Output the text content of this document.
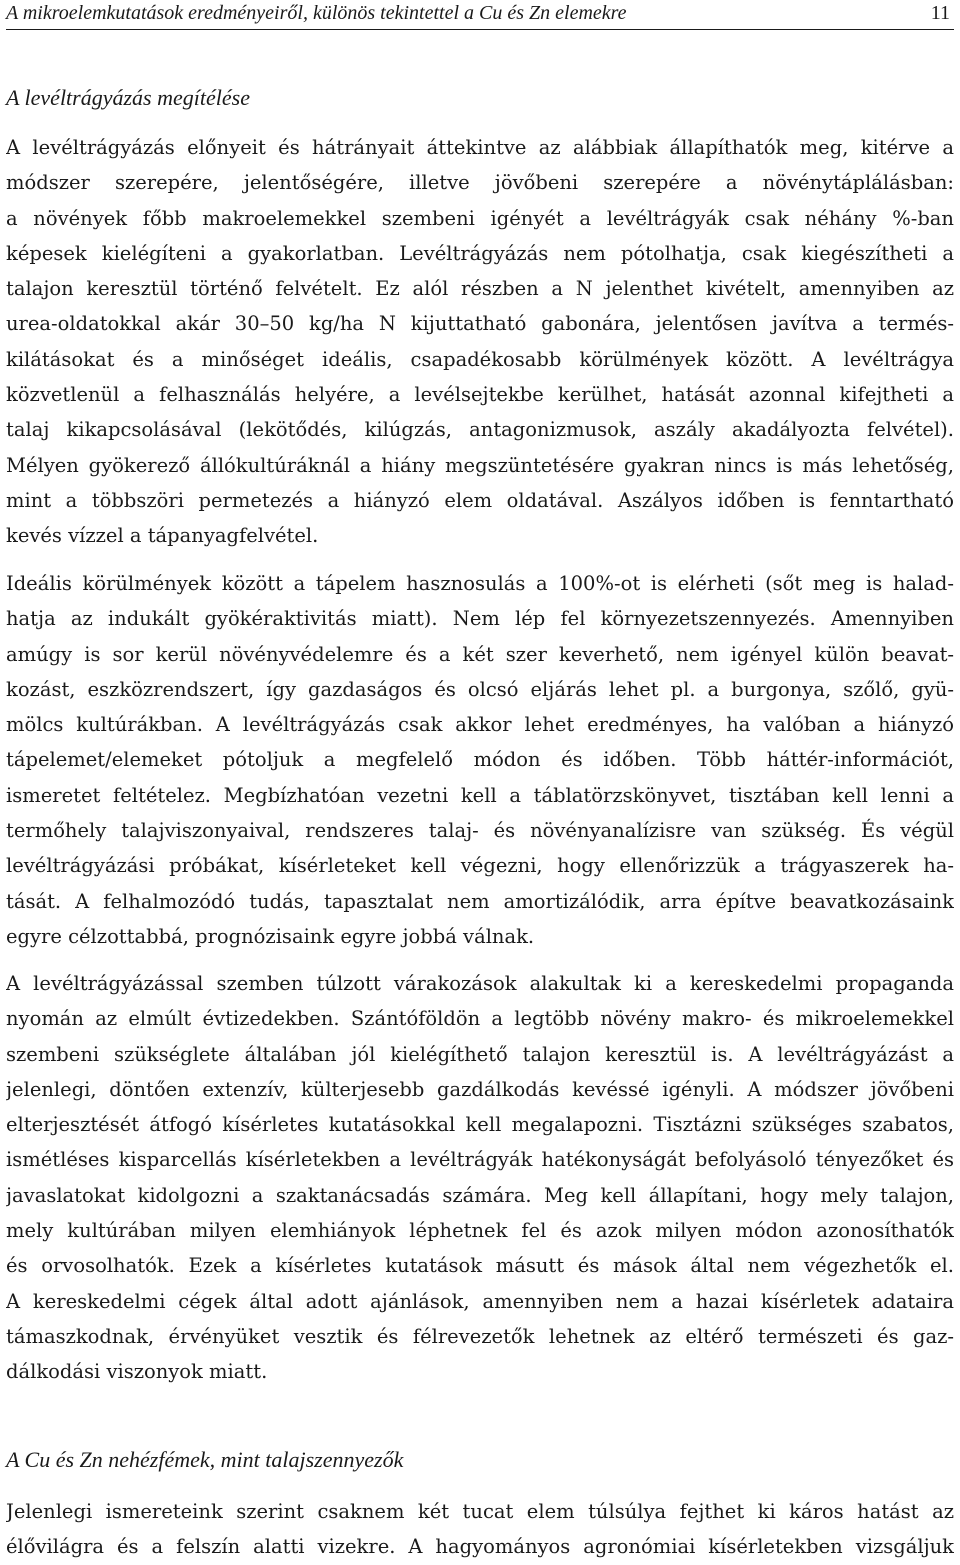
A mikroelemkutatások eredményeiről, különös tekintettel a Cu és Zn elemekre	11
A levéltrágyázás megítélése
A levéltrágyázás előnyeit és hátrányait áttekintve az alábbiak állapíthatók meg, kitérve a
módszer szerepére, jelentőségére, illetve jövőbeni szerepére a növénytáplálásban:
a növények főbb makroelemekkel szembeni igényét a levéltrágyák csak néhány %-ban
képesek kielégíteni a gyakorlatban. Levéltrágyázás nem pótolhatja, csak kiegészítheti a
talajon keresztül történő felvételt. Ez alól részben a N jelenthet kivételt, amennyiben az
urea-oldatokkal akár 30–50 kg/ha N kijuttatható gabonára, jelentősen javítva a termés-
kilátásokat és a minőséget ideális, csapadékosabb körülmények között. A levéltrágya
közvetlenül a felhasználás helyére, a levélsejtekbe kerülhet, hatását azonnal kifejtheti a
talaj kikapcsolásával (lekötődés, kilúgzás, antagonizmusok, aszály akadályozta felvétel).
Mélyen gyökerező állókultúráknál a hiány megszüntetésére gyakran nincs is más lehetőség,
mint a többszöri permetezés a hiányzó elem oldatával. Aszályos időben is fenntartható
kevés vízzel a tápanyagfelvétel.
Ideális körülmények között a tápelem hasznosulás a 100%-ot is elérheti (sőt meg is halad-
hatja az indukált gyökéraktivitás miatt). Nem lép fel környezetszennyezés. Amennyiben
amúgy is sor kerül növényvédelemre és a két szer keverhető, nem igényel külön beavat-
kozást, eszközrendszert, így gazdaságos és olcsó eljárás lehet pl. a burgonya, szőlő, gyü-
mölcs kultúrákban. A levéltrágyázás csak akkor lehet eredményes, ha valóban a hiányzó
tápelemet/elemeket pótoljuk a megfelelő módon és időben. Több háttér-információt,
ismeretet feltételez. Megbízhatóan vezetni kell a táblatörzskönyvet, tisztában kell lenni a
termőhely talajviszonyaival, rendszeres talaj- és növényanalízisre van szükség. És végül
levéltrágyázási próbákat, kísérleteket kell végezni, hogy ellenőrizzük a trágyaszerek ha-
tását. A felhalmozódó tudás, tapasztalat nem amortizálódik, arra építve beavatkozásaink
egyre célzottabbá, prognózisaink egyre jobbá válnak.
A levéltrágyázással szemben túlzott várakozások alakultak ki a kereskedelmi propaganda
nyomán az elmúlt évtizedekben. Szántóföldön a legtöbb növény makro- és mikroelemekkel
szembeni szükséglete általában jól kielégíthető talajon keresztül is. A levéltrágyázást a
jelenlegi, döntően extenzív, külterjesebb gazdálkodás kevéssé igényli. A módszer jövőbeni
elterjesztését átfogó kísérletes kutatásokkal kell megalapozni. Tisztázni szükséges szabatos,
ismétléses kisparcellás kísérletekben a levéltrágyák hatékonyságát befolyásoló tényezőket és
javaslatokat kidolgozni a szaktanácsadás számára. Meg kell állapítani, hogy mely talajon,
mely kultúrában milyen elemhiányok léphetnek fel és azok milyen módon azonosíthatók
és orvosolhatók. Ezek a kísérletes kutatások másutt és mások által nem végezhetők el.
A kereskedelmi cégek által adott ajánlások, amennyiben nem a hazai kísérletek adataira
támaszkodnak, érvényüket vesztik és félrevezetők lehetnek az eltérő természeti és gaz-
dálkodási viszonyok miatt.
A Cu és Zn nehézfémek, mint talajszennyezők
Jelenlegi ismereteink szerint csaknem két tucat elem túlsúlya fejthet ki káros hatást az
élővilágra és a felszín alatti vizekre. A hagyományos agronómiai kísérletekben vizsgáljuk
